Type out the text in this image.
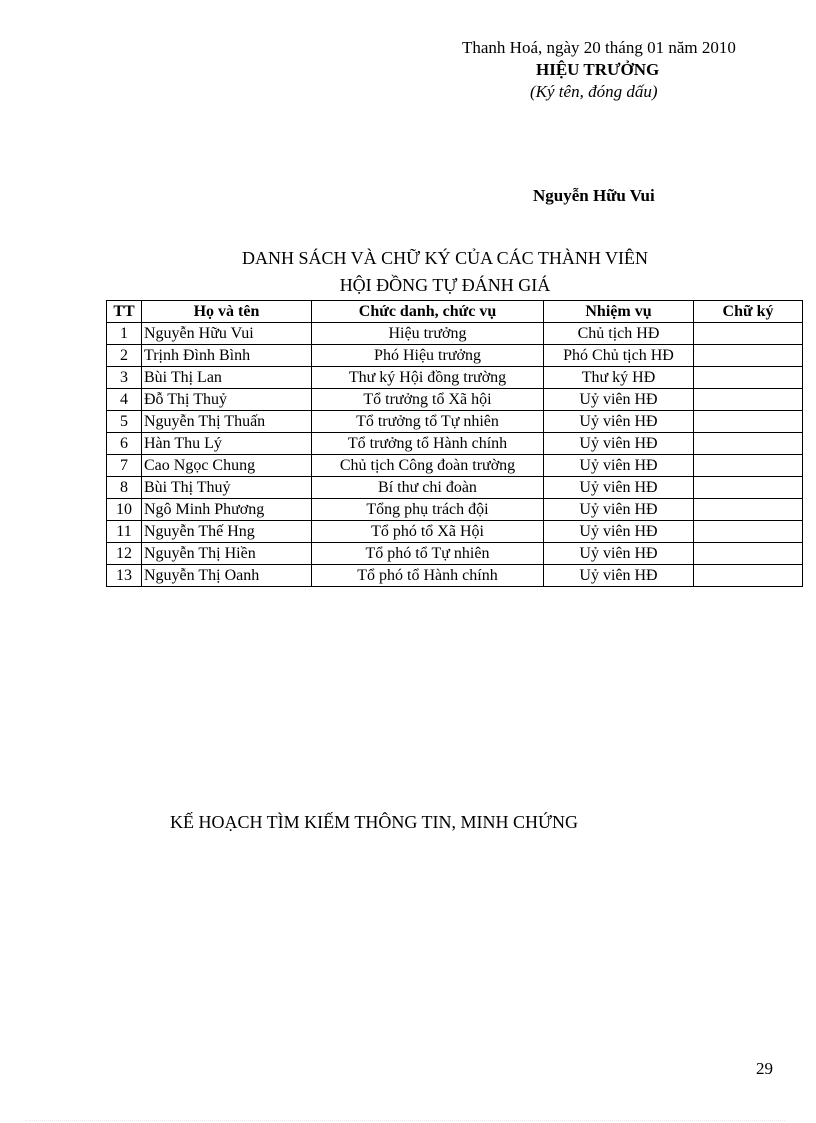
Thanh Hoá, ngày 20 tháng 01 năm 2010
HIỆU TRƯỞNG
(Ký tên, đóng dấu)
Nguyễn Hữu Vui
DANH SÁCH VÀ CHỮ KÝ CỦA CÁC THÀNH VIÊN
HỘI ĐỒNG TỰ ĐÁNH GIÁ
TT	Họ và tên	Chức danh, chức vụ	Nhiệm vụ	Chữ ký
1	Nguyễn Hữu Vui	Hiệu trưởng	Chủ tịch HĐ	
2	Trịnh Đình Bình	Phó Hiệu trưởng	Phó Chủ tịch HĐ	
3	Bùi Thị Lan	Thư ký Hội đồng trường	Thư ký HĐ	
4	Đỗ Thị Thuỷ	Tổ trưởng tổ Xã hội	Uỷ viên HĐ	
5	Nguyễn Thị Thuấn	Tổ trưởng tổ Tự nhiên	Uỷ viên HĐ	
6	Hàn Thu Lý	Tổ trưởng tổ Hành chính	Uỷ viên HĐ	
7	Cao Ngọc Chung	Chủ tịch Công đoàn trường	Uỷ viên HĐ	
8	Bùi Thị Thuỷ	Bí thư chi đoàn	Uỷ viên HĐ	
10	Ngô Minh Phương	Tổng phụ trách đội	Uỷ viên HĐ	
11	Nguyễn Thế Hng	Tổ phó tổ Xã Hội	Uỷ viên HĐ	
12	Nguyễn Thị Hiền	Tổ phó tổ Tự nhiên	Uỷ viên HĐ	
13	Nguyễn Thị Oanh	Tổ phó tổ Hành chính	Uỷ viên HĐ	
KẾ HOẠCH TÌM KIẾM THÔNG TIN, MINH CHỨNG
29
